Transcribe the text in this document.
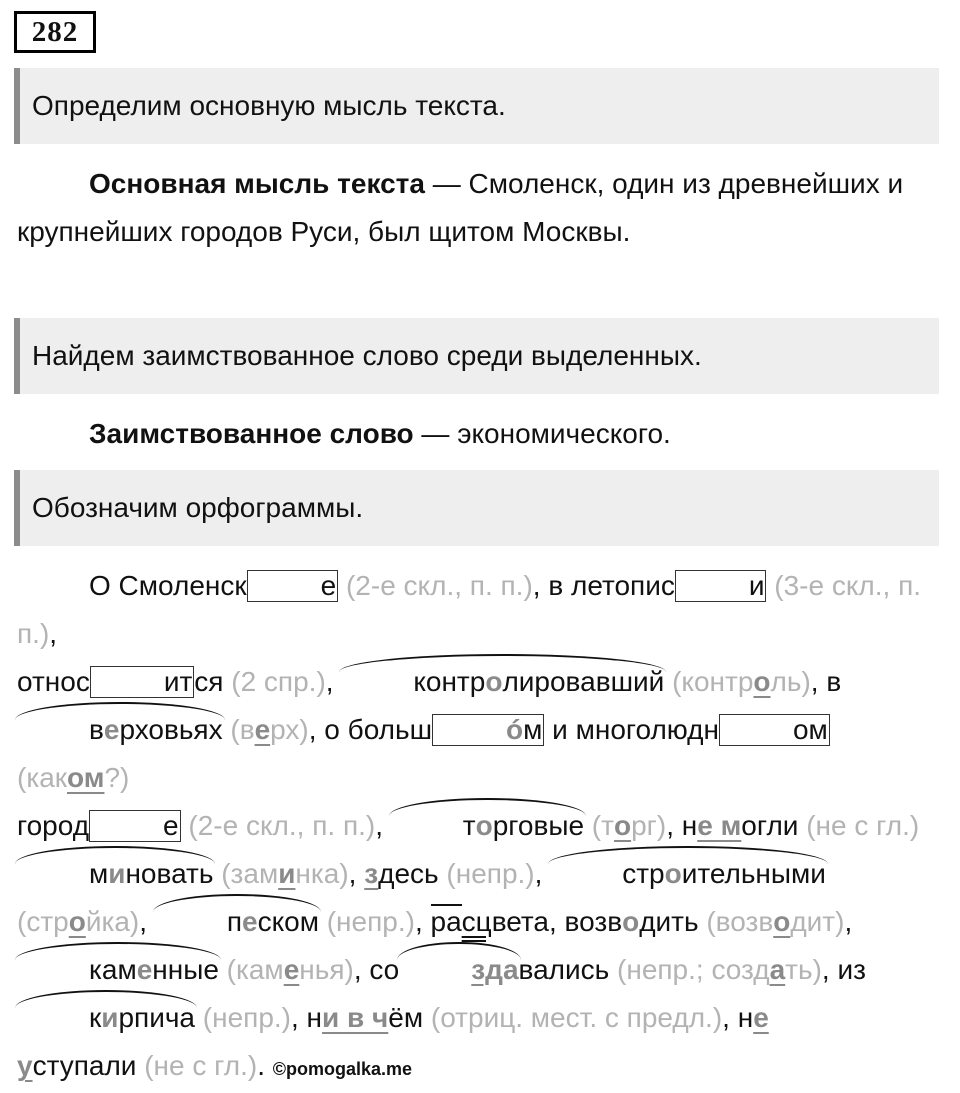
282
Определим основную мысль текста.
Основная мысль текста — Смоленск, один из древнейших и крупнейших городов Руси, был щитом Москвы.
Найдем заимствованное слово среди выделенных.
Заимствованное слово — экономического.
Обозначим орфограммы.
О Смоленск	е (2-е скл., п. п.), в летопис	и (3-е скл., п. п.),
относ	ится (2 спр.),	контролировавший (контроль), в
верховьях (верх), о больш	óм и многолюдн	ом (каком?)
город	е (2-е скл., п. п.),	торговые (торг), не могли (не с гл.)
миновать (заминка), здесь (непр.),	строительными
(стройка),	песком (непр.), расцвета, возводить (возводит),
каменные (каменья), со	здавались (непр.; создать), из
кирпича (непр.), ни в чём (отриц. мест. с предл.), не
уступали (не с гл.). ©pomogalka.me
